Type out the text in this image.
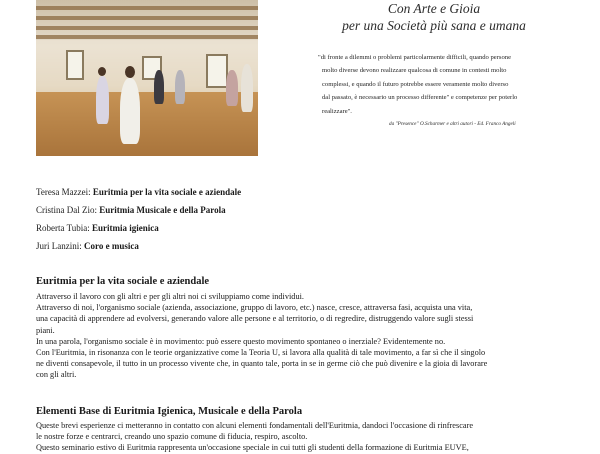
Con Arte e Gioia
per una Società più sana e umana
"di fronte a dilemmi o problemi particolarmente difficili, quando persone
molto diverse devono realizzare qualcosa di comune in contesti molto
complessi, e quando il futuro potrebbe essere veramente molto diverso
dal passato, è necessario un processo differente" e competenze per poterlo
realizzare".
da "Presence" O.Scharmer e altri autori - Ed. Franco Angeli
Teresa Mazzei: Euritmia per la vita sociale e aziendale
Cristina Dal Zio: Euritmia Musicale e della Parola
Roberta Tubia: Euritmia igienica
Juri Lanzini: Coro e musica
Euritmia per la vita sociale e aziendale

Attraverso il lavoro con gli altri e per gli altri noi ci sviluppiamo come individui.

Attraverso di noi, l'organismo sociale (azienda, associazione, gruppo di lavoro, etc.) nasce, cresce, attraversa fasi, acquista una vita,

una capacità di apprendere ad evolversi, generando valore alle persone e al territorio, o di regredire, distruggendo valore sugli stessi

piani.

In una parola, l'organismo sociale è in movimento: può essere questo movimento spontaneo o inerziale? Evidentemente no.

Con l'Euritmia, in risonanza con le teorie organizzative come la Teoria U, si lavora alla qualità di tale movimento, a far sì che il singolo

ne diventi consapevole, il tutto in un processo vivente che, in quanto tale, porta in se in germe ciò che può divenire e la gioia di lavorare

con gli altri.

Elementi Base di Euritmia Igienica, Musicale e della Parola

Queste brevi esperienze ci metteranno in contatto con alcuni elementi fondamentali dell'Euritmia, dandoci l'occasione di rinfrescare

le nostre forze e centrarci, creando uno spazio comune di fiducia, respiro, ascolto.

Questo seminario estivo di Euritmia rappresenta un'occasione speciale in cui tutti gli studenti della formazione di Euritmia EUVE,
